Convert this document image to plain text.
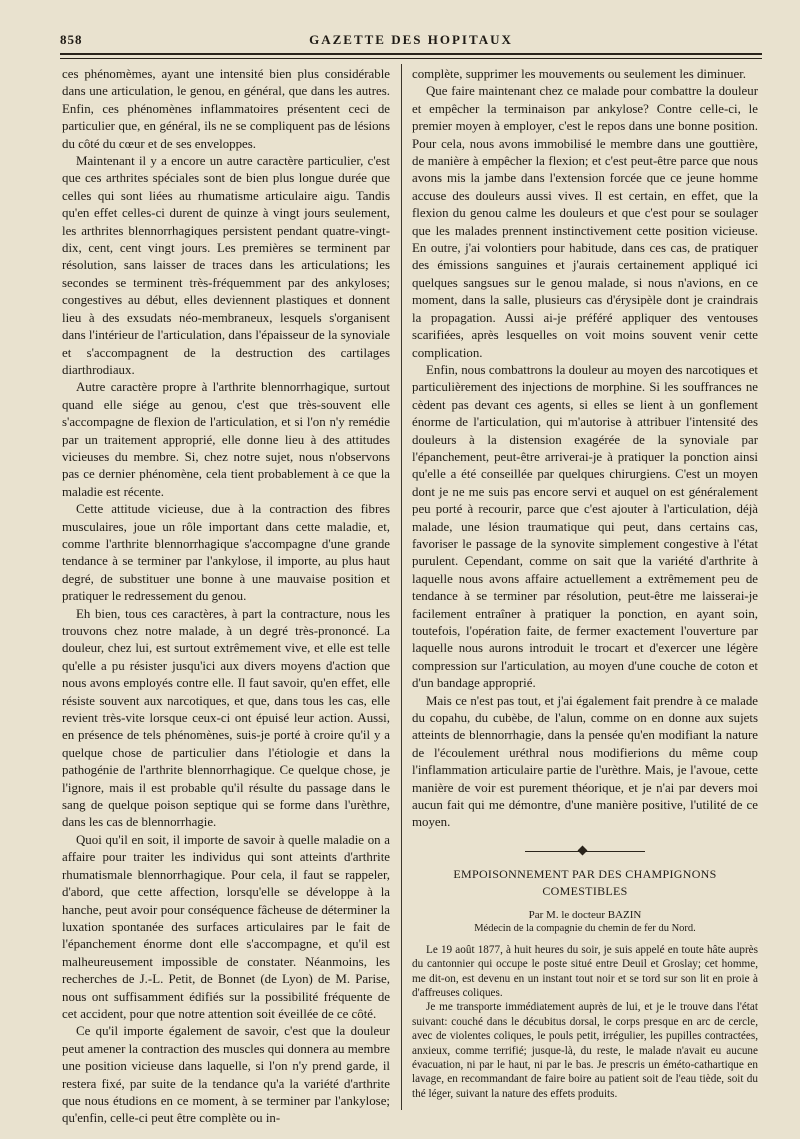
858	GAZETTE DES HOPITAUX

ces phénomèmes, ayant une intensité bien plus considérable dans une articulation, le genou, en général, que dans les autres. Enfin, ces phénomènes inflammatoires présentent ceci de particulier que, en général, ils ne se compliquent pas de lésions du côté du cœur et de ses enveloppes.

Maintenant il y a encore un autre caractère particulier, c'est que ces arthrites spéciales sont de bien plus longue durée que celles qui sont liées au rhumatisme articulaire aigu. Tandis qu'en effet celles-ci durent de quinze à vingt jours seulement, les arthrites blennorrhagiques persistent pendant quatre-vingt-dix, cent, cent vingt jours. Les premières se terminent par résolution, sans laisser de traces dans les articulations; les secondes se terminent très-fréquemment par des ankyloses; congestives au début, elles deviennent plastiques et donnent lieu à des exsudats néo-membraneux, lesquels s'organisent dans l'intérieur de l'articulation, dans l'épaisseur de la synoviale et s'accompagnent de la destruction des cartilages diarthrodiaux.

Autre caractère propre à l'arthrite blennorrhagique, surtout quand elle siége au genou, c'est que très-souvent elle s'accompagne de flexion de l'articulation, et si l'on n'y remédie par un traitement approprié, elle donne lieu à des attitudes vicieuses du membre. Si, chez notre sujet, nous n'observons pas ce dernier phénomène, cela tient probablement à ce que la maladie est récente.

Cette attitude vicieuse, due à la contraction des fibres musculaires, joue un rôle important dans cette maladie, et, comme l'arthrite blennorrhagique s'accompagne d'une grande tendance à se terminer par l'ankylose, il importe, au plus haut degré, de substituer une bonne à une mauvaise position et pratiquer le redressement du genou.

Eh bien, tous ces caractères, à part la contracture, nous les trouvons chez notre malade, à un degré très-prononcé. La douleur, chez lui, est surtout extrêmement vive, et elle est telle qu'elle a pu résister jusqu'ici aux divers moyens d'action que nous avons employés contre elle. Il faut savoir, qu'en effet, elle résiste souvent aux narcotiques, et que, dans tous les cas, elle revient très-vite lorsque ceux-ci ont épuisé leur action. Aussi, en présence de tels phénomènes, suis-je porté à croire qu'il y a quelque chose de particulier dans l'étiologie et dans la pathogénie de l'arthrite blennorrhagique. Ce quelque chose, je l'ignore, mais il est probable qu'il résulte du passage dans le sang de quelque poison septique qui se forme dans l'urèthre, dans les cas de blennorrhagie.

Quoi qu'il en soit, il importe de savoir à quelle maladie on a affaire pour traiter les individus qui sont atteints d'arthrite rhumatismale blennorrhagique. Pour cela, il faut se rappeler, d'abord, que cette affection, lorsqu'elle se développe à la hanche, peut avoir pour conséquence fâcheuse de déterminer la luxation spontanée des surfaces articulaires par le fait de l'épanchement énorme dont elle s'accompagne, et qu'il est malheureusement impossible de constater. Néanmoins, les recherches de J.-L. Petit, de Bonnet (de Lyon) de M. Parise, nous ont suffisamment édifiés sur la possibilité fréquente de cet accident, pour que notre attention soit éveillée de ce côté.

Ce qu'il importe également de savoir, c'est que la douleur peut amener la contraction des muscles qui donnera au membre une position vicieuse dans laquelle, si l'on n'y prend garde, il restera fixé, par suite de la tendance qu'a la variété d'arthrite que nous étudions en ce moment, à se terminer par l'ankylose; qu'enfin, celle-ci peut être complète ou in-

complète, supprimer les mouvements ou seulement les diminuer.

Que faire maintenant chez ce malade pour combattre la douleur et empêcher la terminaison par ankylose? Contre celle-ci, le premier moyen à employer, c'est le repos dans une bonne position. Pour cela, nous avons immobilisé le membre dans une gouttière, de manière à empêcher la flexion; et c'est peut-être parce que nous avons mis la jambe dans l'extension forcée que ce jeune homme accuse des douleurs aussi vives. Il est certain, en effet, que la flexion du genou calme les douleurs et que c'est pour se soulager que les malades prennent instinctivement cette position vicieuse. En outre, j'ai volontiers pour habitude, dans ces cas, de pratiquer des émissions sanguines et j'aurais certainement appliqué ici quelques sangsues sur le genou malade, si nous n'avions, en ce moment, dans la salle, plusieurs cas d'érysipèle dont je craindrais la propagation. Aussi ai-je préféré appliquer des ventouses scarifiées, après lesquelles on voit moins souvent venir cette complication.

Enfin, nous combattrons la douleur au moyen des narcotiques et particulièrement des injections de morphine. Si les souffrances ne cèdent pas devant ces agents, si elles se lient à un gonflement énorme de l'articulation, qui m'autorise à attribuer l'intensité des douleurs à la distension exagérée de la synoviale par l'épanchement, peut-être arriverai-je à pratiquer la ponction ainsi qu'elle a été conseillée par quelques chirurgiens. C'est un moyen dont je ne me suis pas encore servi et auquel on est généralement peu porté à recourir, parce que c'est ajouter à l'articulation, déjà malade, une lésion traumatique qui peut, dans certains cas, favoriser le passage de la synovite simplement congestive à l'état purulent. Cependant, comme on sait que la variété d'arthrite à laquelle nous avons affaire actuellement a extrêmement peu de tendance à se terminer par résolution, peut-être me laisserai-je facilement entraîner à pratiquer la ponction, en ayant soin, toutefois, l'opération faite, de fermer exactement l'ouverture par laquelle nous aurons introduit le trocart et d'exercer une légère compression sur l'articulation, au moyen d'une couche de coton et d'un bandage approprié.

Mais ce n'est pas tout, et j'ai également fait prendre à ce malade du copahu, du cubèbe, de l'alun, comme on en donne aux sujets atteints de blennorrhagie, dans la pensée qu'en modifiant la nature de l'écoulement uréthral nous modifierions du même coup l'inflammation articulaire partie de l'urèthre. Mais, je l'avoue, cette manière de voir est purement théorique, et je n'ai par devers moi aucun fait qui me démontre, d'une manière positive, l'utilité de ce moyen.

EMPOISONNEMENT PAR DES CHAMPIGNONS COMESTIBLES
Par M. le docteur BAZIN
Médecin de la compagnie du chemin de fer du Nord.

Le 19 août 1877, à huit heures du soir, je suis appelé en toute hâte auprès du cantonnier qui occupe le poste situé entre Deuil et Groslay; cet homme, me dit-on, est devenu en un instant tout noir et se tord sur son lit en proie à d'affreuses coliques.

Je me transporte immédiatement auprès de lui, et je le trouve dans l'état suivant: couché dans le décubitus dorsal, le corps presque en arc de cercle, avec de violentes coliques, le pouls petit, irrégulier, les pupilles contractées, anxieux, comme terrifié; jusque-là, du reste, le malade n'avait eu aucune évacuation, ni par le haut, ni par le bas. Je prescris un éméto-cathartique en lavage, en recommandant de faire boire au patient soit de l'eau tiède, soit du thé léger, suivant la nature des effets produits.
